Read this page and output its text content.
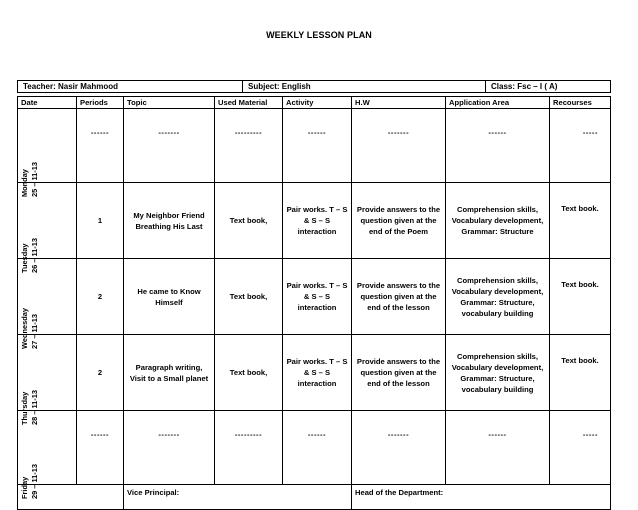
WEEKLY LESSON PLAN
Teacher: Nasir Mahmood	Subject: English	Class: Fsc – I ( A)
Date	Periods	Topic	Used Material	Activity	H.W	Application Area	Recourses

Monday 25 – 11-13	------	-------	---------	------	-------	------	-----

Tuesday 26 – 11-13	1	My Neighbor Friend Breathing His Last	Text book,	Pair works. T – S & S – S interaction	Provide answers to the question given at the end of the Poem	Comprehension skills, Vocabulary development, Grammar: Structure	Text book.

Wednesday 27 – 11-13	2	He came to Know Himself	Text book,	Pair works. T – S & S – S interaction	Provide answers to the question given at the end of the lesson	Comprehension skills, Vocabulary development, Grammar: Structure, vocabulary building	Text book.

Thursday 28 – 11-13	2	Paragraph writing, Visit to a Small planet	Text book,	Pair works. T – S & S – S interaction	Provide answers to the question given at the end of the lesson	Comprehension skills, Vocabulary development, Grammar: Structure, vocabulary building	Text book.

Friday 29 – 11-13	------	-------	---------	------	-------	------	-----
		Vice Principal:			Head of the Department:		
